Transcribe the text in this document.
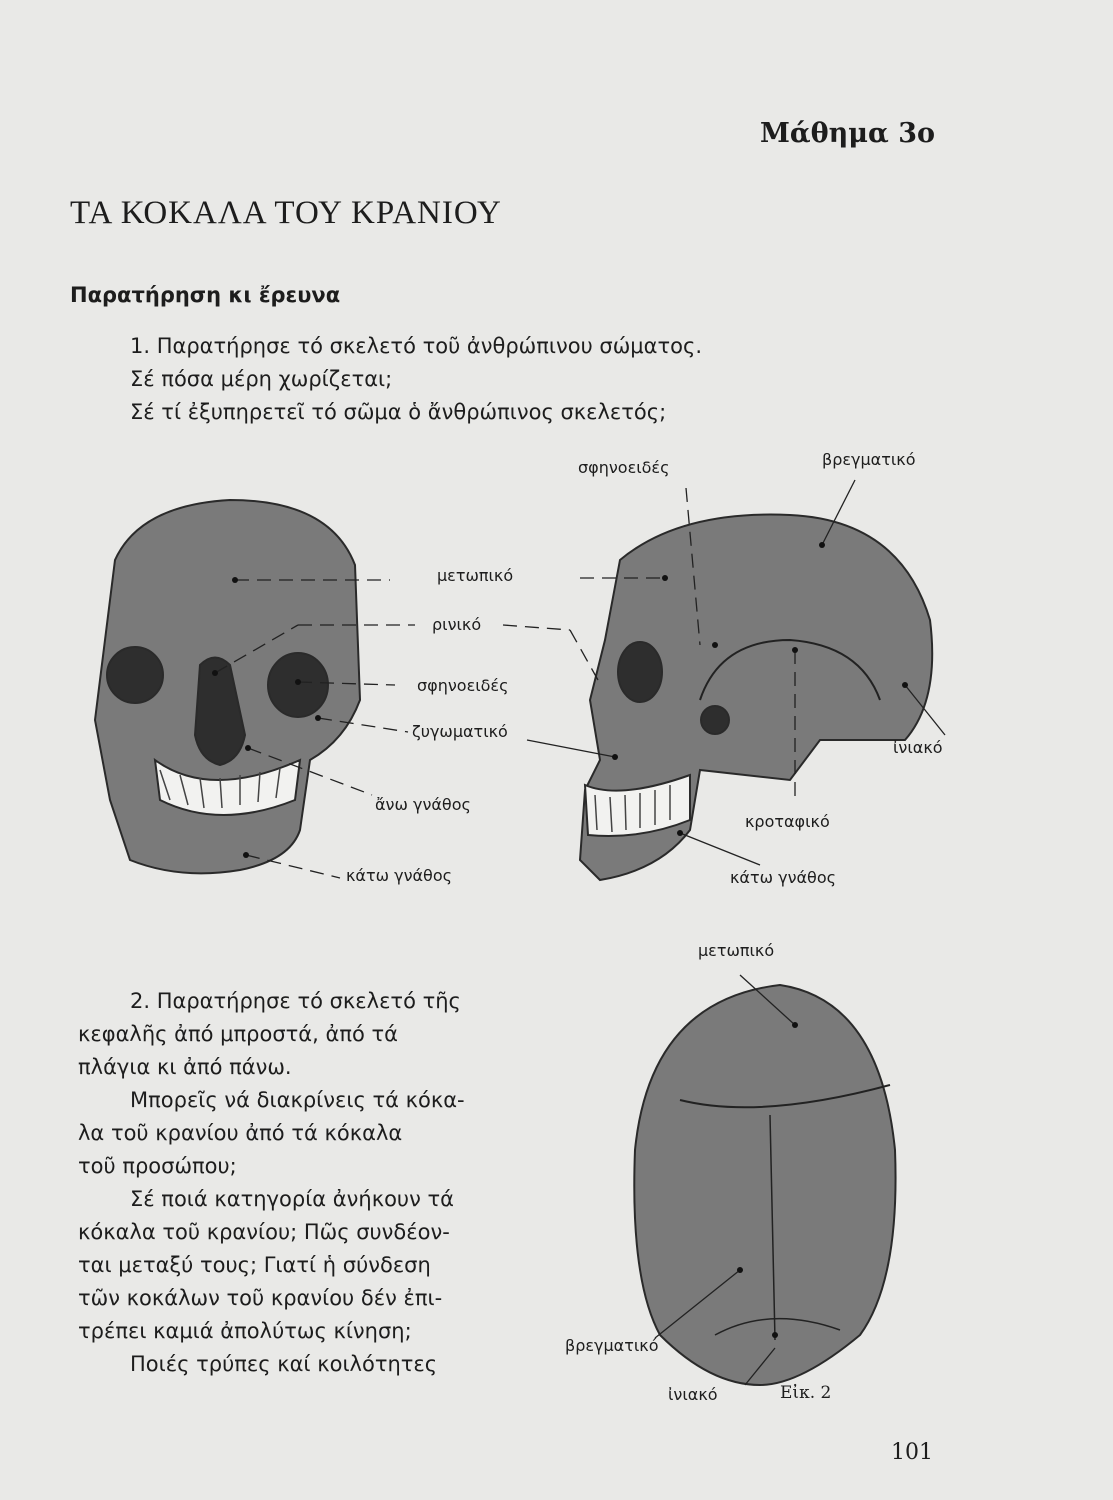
Μάθημα 3ο
ΤΑ ΚΟΚΑΛΑ ΤΟΥ ΚΡΑΝΙΟΥ
Παρατήρηση κι ἔρευνα

1. Παρατήρησε τό σκελετό τοῦ ἀνθρώπινου σώματος.

Σέ πόσα μέρη χωρίζεται;

Σέ τί ἐξυπηρετεῖ τό σῶμα ὁ ἄνθρώπινος σκελετός;

μετωπικό
ρινικό
σφηνοειδές
ζυγωματικό
ἄνω γνάθος
κάτω γνάθος
σφηνοειδές	βρεγματικό
ἰνιακό
κροταφικό
κάτω γνάθος
μετωπικό
βρεγματικό
ἰνιακό

2. Παρατήρησε τό σκελετό τῆς

κεφαλῆς ἀπό μπροστά, ἀπό τά

πλάγια κι ἀπό πάνω.

Μπορεῖς νά διακρίνεις τά κόκα-

λα τοῦ κρανίου ἀπό τά κόκαλα

τοῦ προσώπου;

Σέ ποιά κατηγορία ἀνήκουν τά

κόκαλα τοῦ κρανίου; Πῶς συνδέον-

ται μεταξύ τους; Γιατί ἡ σύνδεση

τῶν κοκάλων τοῦ κρανίου δέν ἐπι-

τρέπει καμιά ἀπολύτως κίνηση;

Ποιές τρύπες καί κοιλότητες

Εἰκ. 2
101
